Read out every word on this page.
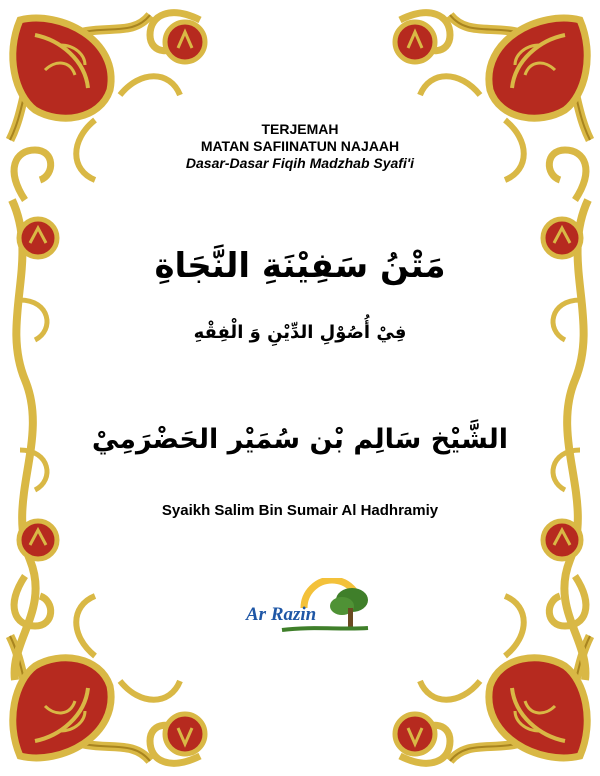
TERJEMAH
MATAN SAFIINATUN NAJAAH
Dasar-Dasar Fiqih Madzhab Syafi'i
مَتْنُ سَفِيْنَةِ النَّجَاةِ
فِيْ أُصُوْلِ الدِّيْنِ وَ الْفِقْهِ
الشَّيْخ سَالِم بْن سُمَيْر الحَضْرَمِيْ
Syaikh Salim Bin Sumair Al Hadhramiy
Ar Razin
